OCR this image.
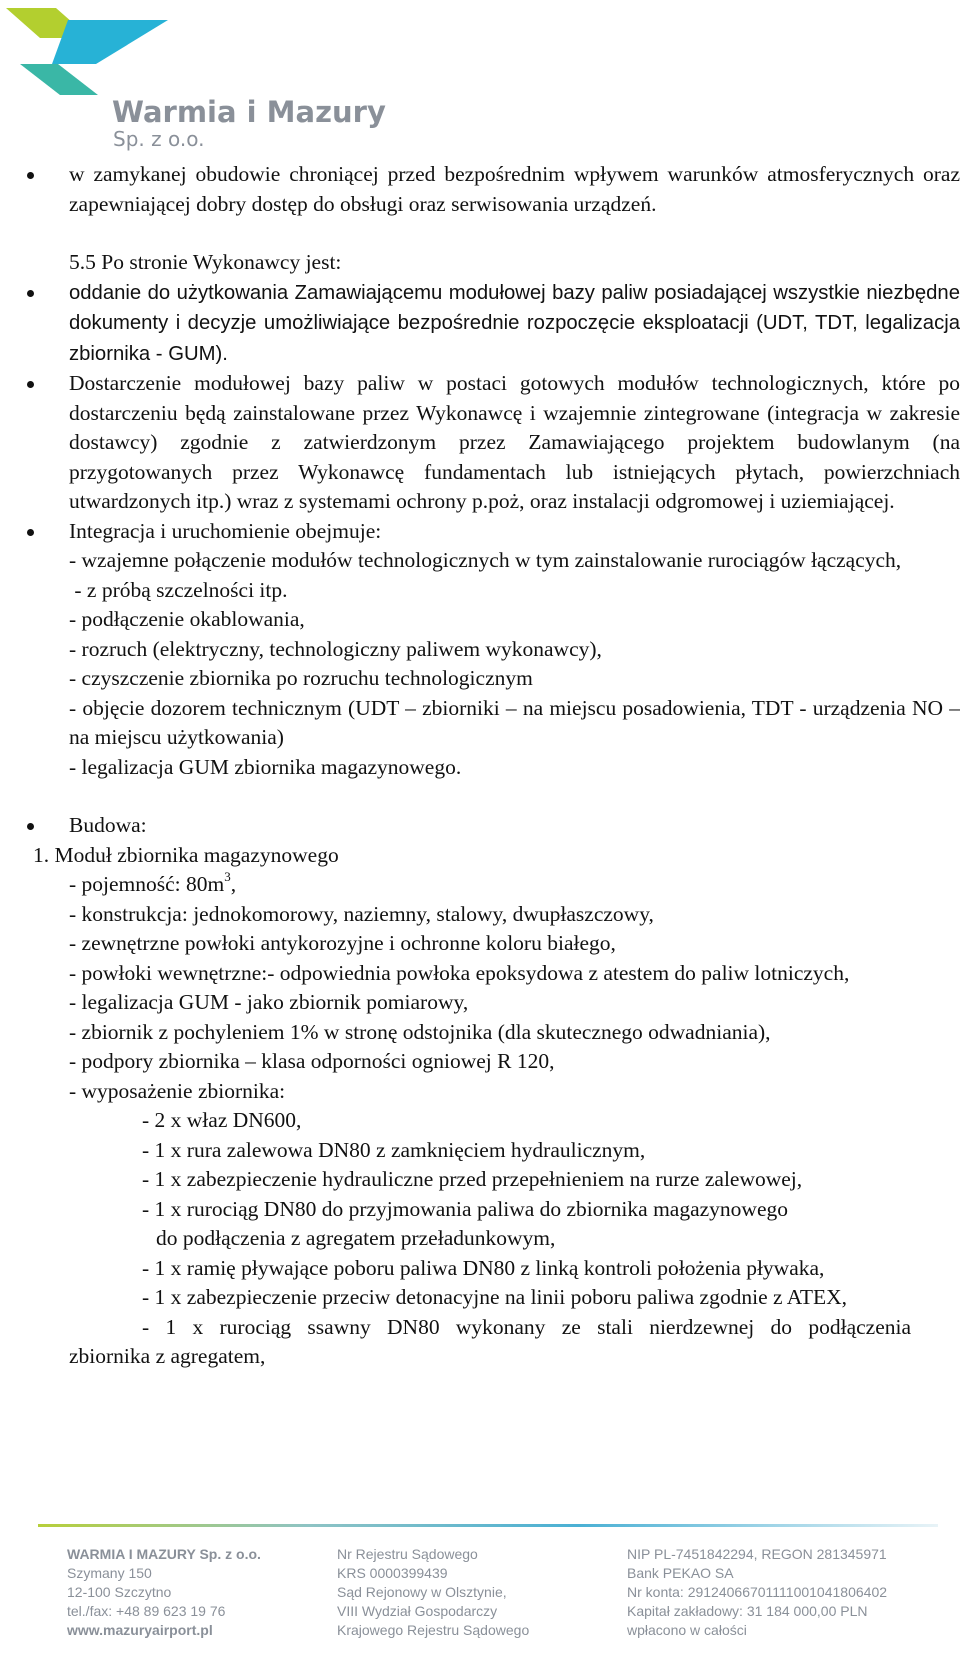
Warmia i Mazury
Sp. z o.o.
w zamykanej obudowie chroniącej przed bezpośrednim wpływem warunków atmosferycznych oraz zapewniającej dobry dostęp do obsługi oraz serwisowania urządzeń.
5.5 Po stronie Wykonawcy jest:
oddanie do użytkowania Zamawiającemu modułowej bazy paliw posiadającej wszystkie niezbędne dokumenty i decyzje umożliwiające bezpośrednie rozpoczęcie eksploatacji (UDT, TDT, legalizacja zbiornika - GUM).
Dostarczenie modułowej bazy paliw w postaci gotowych modułów technologicznych, które po dostarczeniu będą zainstalowane przez Wykonawcę i wzajemnie zintegrowane (integracja w zakresie dostawcy) zgodnie z zatwierdzonym przez Zamawiającego projektem budowlanym (na przygotowanych przez Wykonawcę fundamentach lub istniejących płytach, powierzchniach utwardzonych itp.) wraz z systemami ochrony p.poż, oraz instalacji odgromowej i uziemiającej.
Integracja i uruchomienie obejmuje:
- wzajemne połączenie modułów technologicznych w tym zainstalowanie rurociągów łączących,
- z próbą szczelności itp.
- podłączenie okablowania,
- rozruch (elektryczny, technologiczny paliwem wykonawcy),
- czyszczenie zbiornika po rozruchu technologicznym
- objęcie dozorem technicznym (UDT – zbiorniki – na miejscu posadowienia, TDT - urządzenia NO – na miejscu użytkowania)
- legalizacja GUM zbiornika magazynowego.
Budowa:
1. Moduł zbiornika magazynowego
- pojemność: $80m^3$,
- konstrukcja: jednokomorowy, naziemny, stalowy, dwupłaszczowy,
- zewnętrzne powłoki antykorozyjne i ochronne koloru białego,
- powłoki wewnętrzne:- odpowiednia powłoka epoksydowa z atestem do paliw lotniczych,
- legalizacja GUM - jako zbiornik pomiarowy,
- zbiornik z pochyleniem 1% w stronę odstojnika (dla skutecznego odwadniania),
- podpory zbiornika – klasa odporności ogniowej R 120,
- wyposażenie zbiornika:
- 2 x właz DN600,
- 1 x rura zalewowa DN80 z zamknięciem hydraulicznym,
- 1 x zabezpieczenie hydrauliczne przed przepełnieniem na rurze zalewowej,
- 1 x rurociąg DN80 do przyjmowania paliwa do zbiornika magazynowego
do podłączenia z agregatem przeładunkowym,
- 1 x ramię pływające poboru paliwa DN80 z linką kontroli położenia pływaka,
- 1 x zabezpieczenie przeciw detonacyjne na linii poboru paliwa zgodnie z ATEX,
- 1 x rurociąg ssawny DN80 wykonany ze stali nierdzewnej do podłączenia
zbiornika z agregatem,
WARMIA I MAZURY Sp. z o.o.
Szymany 150
12-100 Szczytno
tel./fax: +48 89 623 19 76
www.mazuryairport.pl
Nr Rejestru Sądowego
KRS 0000399439
Sąd Rejonowy w Olsztynie,
VIII Wydział Gospodarczy
Krajowego Rejestru Sądowego
NIP PL-7451842294, REGON 281345971
Bank PEKAO SA
Nr konta: 29124066701111001041806402
Kapitał zakładowy: 31 184 000,00 PLN
wpłacono w całości
